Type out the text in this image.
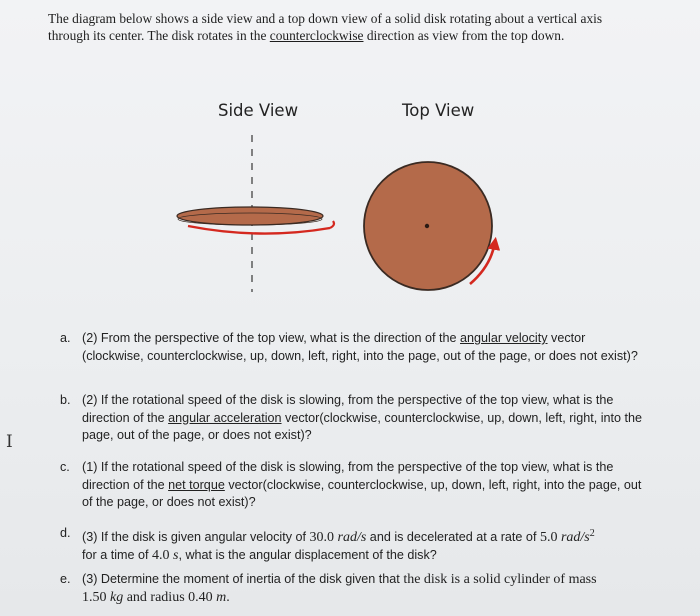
The diagram below shows a side view and a top down view of a solid disk rotating about a vertical axis through its center. The disk rotates in the counterclockwise direction as view from the top down.
Side View	Top View
I
a. (2) From the perspective of the top view, what is the direction of the angular velocity vector (clockwise, counterclockwise, up, down, left, right, into the page, out of the page, or does not exist)?
b. (2) If the rotational speed of the disk is slowing, from the perspective of the top view, what is the direction of the angular acceleration vector(clockwise, counterclockwise, up, down, left, right, into the page, out of the page, or does not exist)?
c. (1) If the rotational speed of the disk is slowing, from the perspective of the top view, what is the direction of the net torque vector(clockwise, counterclockwise, up, down, left, right, into the page, out of the page, or does not exist)?
d. (3) If the disk is given angular velocity of 30.0 rad/s and is decelerated at a rate of 5.0 rad/$s^2$
for a time of 4.0 s, what is the angular displacement of the disk?
e. (3) Determine the moment of inertia of the disk given that the disk is a solid cylinder of mass
1.50 kg and radius 0.40 m.
